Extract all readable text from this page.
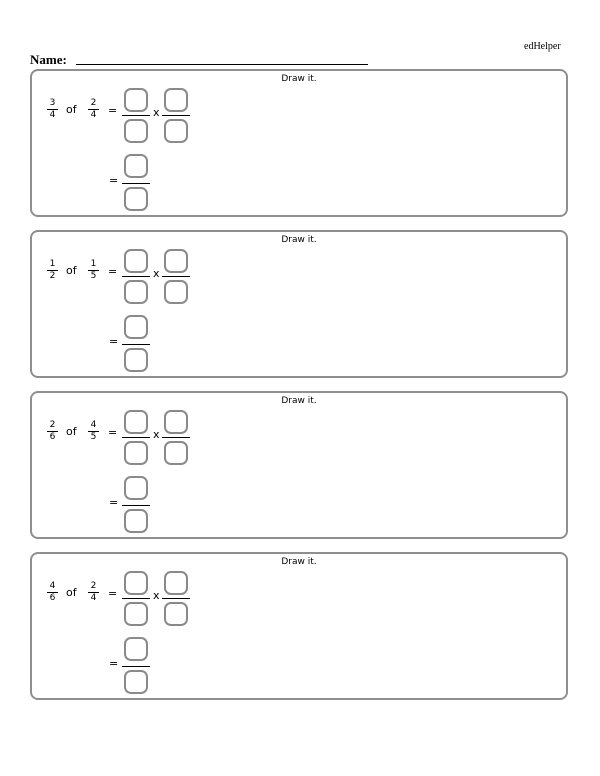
edHelper
Name:
Draw it.
3
4 of 2
4 =	x
=
Draw it.
1
2 of 1
5 =	x
=
Draw it.
2
6 of 4
5 =	x
=
Draw it.
4
6 of 2
4 =	x
=
